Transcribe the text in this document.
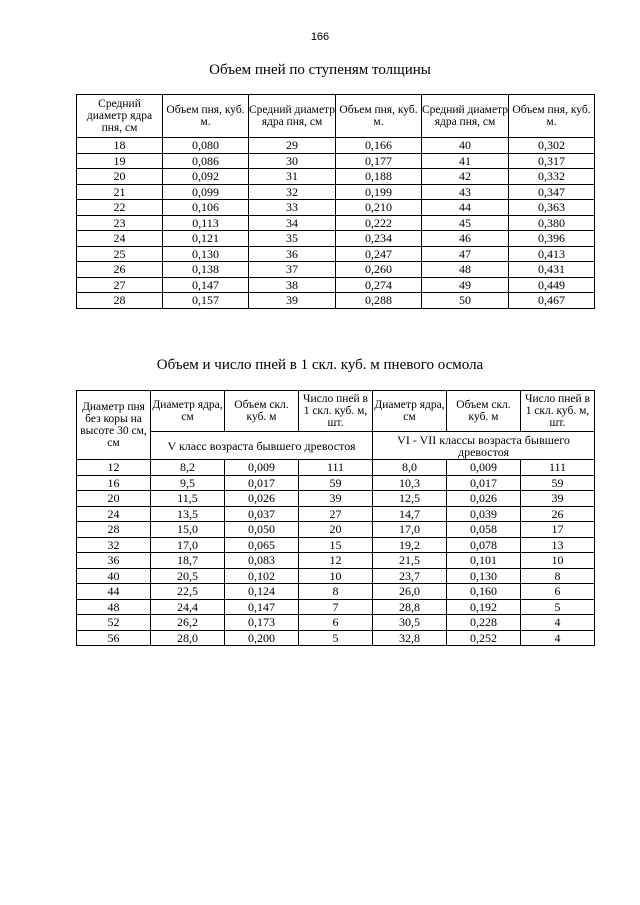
166
Объем пней по ступеням толщины
Средний диаметр ядра пня, см	Объем пня, куб. м.	Средний диаметр ядра пня, см	Объем пня, куб. м.	Средний диаметр ядра пня, см	Объем пня, куб. м.
18	0,080	29	0,166	40	0,302
19	0,086	30	0,177	41	0,317
20	0,092	31	0,188	42	0,332
21	0,099	32	0,199	43	0,347
22	0,106	33	0,210	44	0,363
23	0,113	34	0,222	45	0,380
24	0,121	35	0,234	46	0,396
25	0,130	36	0,247	47	0,413
26	0,138	37	0,260	48	0,431
27	0,147	38	0,274	49	0,449
28	0,157	39	0,288	50	0,467
Объем и число пней в 1 скл. куб. м пневого осмола
Диаметр пня без коры на высоте 30 см, см	Диаметр ядра, см	Объем скл. куб. м	Число пней в 1 скл. куб. м, шт.	Диаметр ядра, см	Объем скл. куб. м	Число пней в 1 скл. куб. м, шт.
	V класс возраста бывшего древостоя			VI - VII классы возраста бывшего древостоя		
12	8,2	0,009	111	8,0	0,009	111
16	9,5	0,017	59	10,3	0,017	59
20	11,5	0,026	39	12,5	0,026	39
24	13,5	0,037	27	14,7	0,039	26
28	15,0	0,050	20	17,0	0,058	17
32	17,0	0,065	15	19,2	0,078	13
36	18,7	0,083	12	21,5	0,101	10
40	20,5	0,102	10	23,7	0,130	8
44	22,5	0,124	8	26,0	0,160	6
48	24,4	0,147	7	28,8	0,192	5
52	26,2	0,173	6	30,5	0,228	4
56	28,0	0,200	5	32,8	0,252	4
